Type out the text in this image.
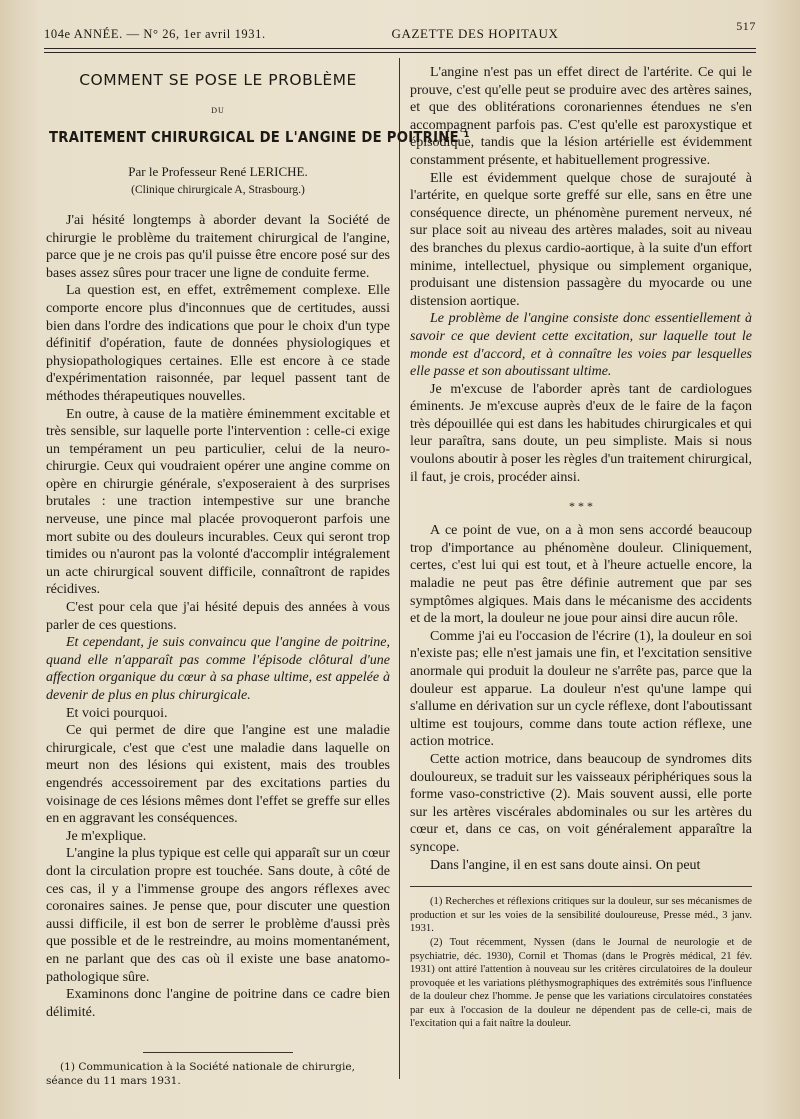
104e ANNÉE. — N° 26, 1er avril 1931.	GAZETTE DES HOPITAUX	517
COMMENT SE POSE LE PROBLÈME
DU
TRAITEMENT CHIRURGICAL DE L'ANGINE DE POITRINE ¹
Par le Professeur René LERICHE.
(Clinique chirurgicale A, Strasbourg.)

J'ai hésité longtemps à aborder devant la Société de chirurgie le problème du traitement chirurgical de l'angine, parce que je ne crois pas qu'il puisse être encore posé sur des bases assez sûres pour tracer une ligne de conduite ferme.

La question est, en effet, extrêmement complexe. Elle comporte encore plus d'inconnues que de certitudes, aussi bien dans l'ordre des indications que pour le choix d'un type définitif d'opération, faute de données physiologiques et physiopathologiques certaines. Elle est encore à ce stade d'expérimentation raisonnée, par lequel passent tant de méthodes thérapeutiques nouvelles.

En outre, à cause de la matière éminemment excitable et très sensible, sur laquelle porte l'intervention : celle-ci exige un tempérament un peu particulier, celui de la neuro-chirurgie. Ceux qui voudraient opérer une angine comme on opère en chirurgie générale, s'exposeraient à des surprises brutales : une traction intempestive sur une branche nerveuse, une pince mal placée provoqueront parfois une mort subite ou des douleurs incurables. Ceux qui seront trop timides ou n'auront pas la volonté d'accomplir intégralement un acte chirurgical souvent difficile, connaîtront de rapides récidives.

C'est pour cela que j'ai hésité depuis des années à vous parler de ces questions.

Et cependant, je suis convaincu que l'angine de poitrine, quand elle n'apparaît pas comme l'épisode clôtural d'une affection organique du cœur à sa phase ultime, est appelée à devenir de plus en plus chirurgicale.

Et voici pourquoi.

Ce qui permet de dire que l'angine est une maladie chirurgicale, c'est que c'est une maladie dans laquelle on meurt non des lésions qui existent, mais des troubles engendrés accessoirement par des excitations parties du voisinage de ces lésions mêmes dont l'effet se greffe sur elles en en aggravant les conséquences.

Je m'explique.

L'angine la plus typique est celle qui apparaît sur un cœur dont la circulation propre est touchée. Sans doute, à côté de ces cas, il y a l'immense groupe des angors réflexes avec coronaires saines. Je pense que, pour discuter une question aussi difficile, il est bon de serrer le problème d'aussi près que possible et de le restreindre, au moins momentanément, en ne parlant que des cas où il existe une base anatomo-pathologique sûre.

Examinons donc l'angine de poitrine dans ce cadre bien délimité.

(1) Communication à la Société nationale de chirurgie, séance du 11 mars 1931.

L'angine n'est pas un effet direct de l'artérite. Ce qui le prouve, c'est qu'elle peut se produire avec des artères saines, et que des oblitérations coronariennes étendues ne s'en accompagnent parfois pas. C'est qu'elle est paroxystique et épisodique, tandis que la lésion artérielle est évidemment constamment présente, et habituellement progressive.

Elle est évidemment quelque chose de surajouté à l'artérite, en quelque sorte greffé sur elle, sans en être une conséquence directe, un phénomène purement nerveux, né sur place soit au niveau des artères malades, soit au niveau des branches du plexus cardio-aortique, à la suite d'un effort minime, intellectuel, physique ou simplement organique, produisant une distension passagère du myocarde ou une distension aortique.

Le problème de l'angine consiste donc essentiellement à savoir ce que devient cette excitation, sur laquelle tout le monde est d'accord, et à connaître les voies par lesquelles elle passe et son aboutissant ultime.

Je m'excuse de l'aborder après tant de cardiologues éminents. Je m'excuse auprès d'eux de le faire de la façon très dépouillée qui est dans les habitudes chirurgicales et qui leur paraîtra, sans doute, un peu simpliste. Mais si nous voulons aboutir à poser les règles d'un traitement chirurgical, il faut, je crois, procéder ainsi.

* * *

A ce point de vue, on a à mon sens accordé beaucoup trop d'importance au phénomène douleur. Cliniquement, certes, c'est lui qui est tout, et à l'heure actuelle encore, la maladie ne peut pas être définie autrement que par ses symptômes algiques. Mais dans le mécanisme des accidents et de la mort, la douleur ne joue pour ainsi dire aucun rôle.

Comme j'ai eu l'occasion de l'écrire (1), la douleur en soi n'existe pas; elle n'est jamais une fin, et l'excitation sensitive anormale qui produit la douleur ne s'arrête pas, parce que la douleur est apparue. La douleur n'est qu'une lampe qui s'allume en dérivation sur un cycle réflexe, dont l'aboutissant ultime est toujours, comme dans toute action réflexe, une action motrice.

Cette action motrice, dans beaucoup de syndromes dits douloureux, se traduit sur les vaisseaux périphériques sous la forme vaso-constrictive (2). Mais souvent aussi, elle porte sur les artères viscérales abdominales ou sur les artères du cœur et, dans ce cas, on voit généralement apparaître la syncope.

Dans l'angine, il en est sans doute ainsi. On peut

(1) Recherches et réflexions critiques sur la douleur, sur ses mécanismes de production et sur les voies de la sensibilité douloureuse, Presse méd., 3 janv. 1931.

(2) Tout récemment, Nyssen (dans le Journal de neurologie et de psychiatrie, déc. 1930), Cornil et Thomas (dans le Progrès médical, 21 fév. 1931) ont attiré l'attention à nouveau sur les critères circulatoires de la douleur provoquée et les variations pléthysmographiques des extrémités sous l'influence de la douleur chez l'homme. Je pense que les variations circulatoires constatées par eux à l'occasion de la douleur ne dépendent pas de celle-ci, mais de l'excitation qui a fait naître la douleur.
